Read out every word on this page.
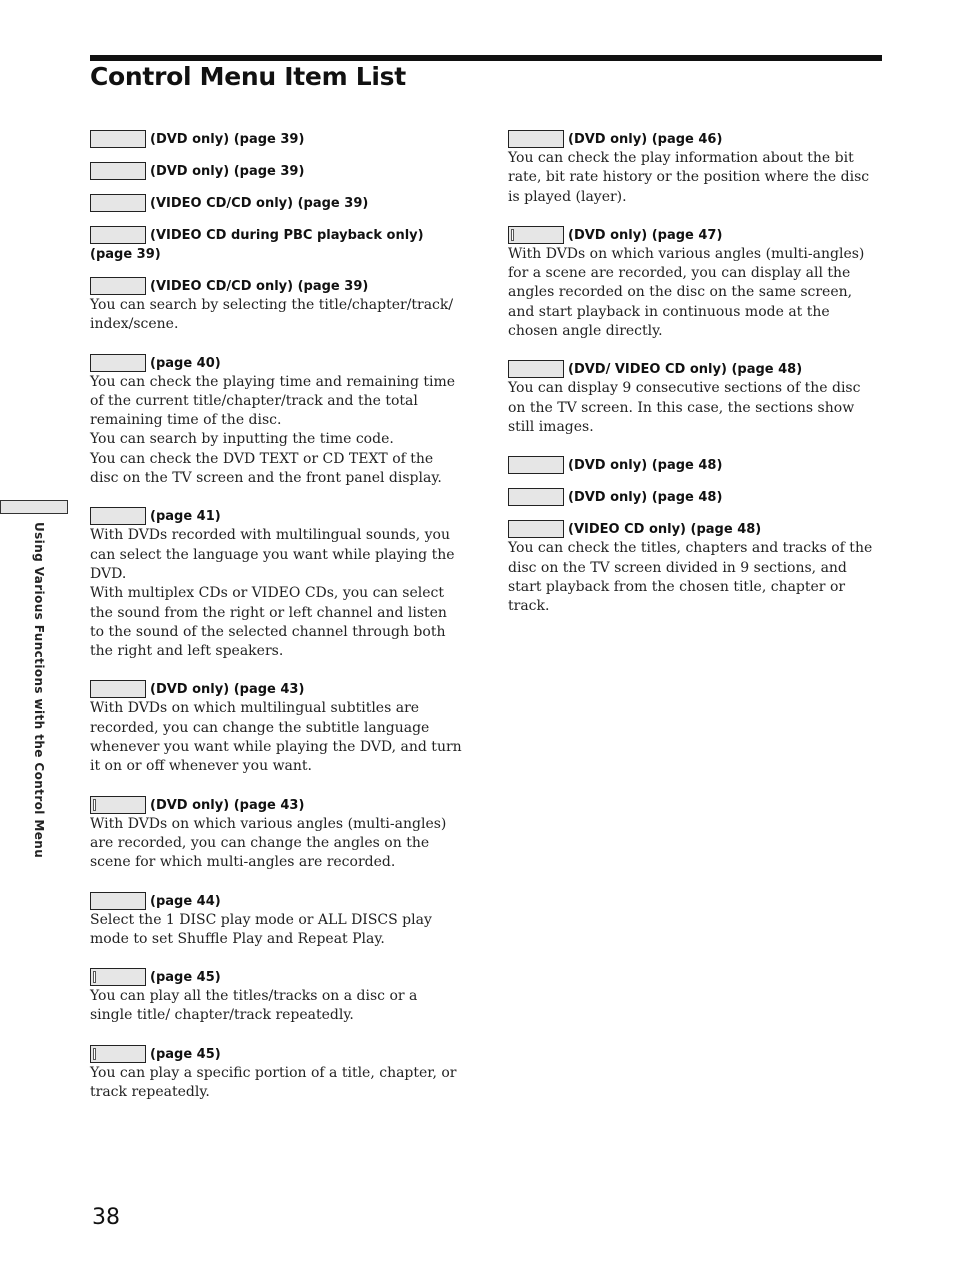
Control Menu Item List
(DVD only) (page 39)
(DVD only) (page 39)
(VIDEO CD/CD only) (page 39)
(VIDEO CD during PBC playback only) (page 39)
(VIDEO CD/CD only) (page 39)

You can search by selecting the title/chapter/track/ index/scene.

(page 40)

You can check the playing time and remaining time of the current title/chapter/track and the total remaining time of the disc.

You can search by inputting the time code.

You can check the DVD TEXT or CD TEXT of the disc on the TV screen and the front panel display.

(page 41)

With DVDs recorded with multilingual sounds, you can select the language you want while playing the DVD.

With multiplex CDs or VIDEO CDs, you can select the sound from the right or left channel and listen to the sound of the selected channel through both the right and left speakers.

(DVD only) (page 43)

With DVDs on which multilingual subtitles are recorded, you can change the subtitle language whenever you want while playing the DVD, and turn it on or off whenever you want.

(DVD only) (page 43)

With DVDs on which various angles (multi-angles) are recorded, you can change the angles on the scene for which multi-angles are recorded.

(page 44)

Select the 1 DISC play mode or ALL DISCS play mode to set Shuffle Play and Repeat Play.

(page 45)

You can play all the titles/tracks on a disc or a single title/ chapter/track repeatedly.

(page 45)

You can play a specific portion of a title, chapter, or track repeatedly.

(DVD only) (page 46)

You can check the play information about the bit rate, bit rate history or the position where the disc is played (layer).

(DVD only) (page 47)

With DVDs on which various angles (multi-angles) for a scene are recorded, you can display all the angles recorded on the disc on the same screen, and start playback in continuous mode at the chosen angle directly.

(DVD/ VIDEO CD only) (page 48)

You can display 9 consecutive sections of the disc on the TV screen. In this case, the sections show still images.

(DVD only) (page 48)
(DVD only) (page 48)
(VIDEO CD only) (page 48)

You can check the titles, chapters and tracks of the disc on the TV screen divided in 9 sections, and start playback from the chosen title, chapter or track.

Using Various Functions with the Control Menu
38
